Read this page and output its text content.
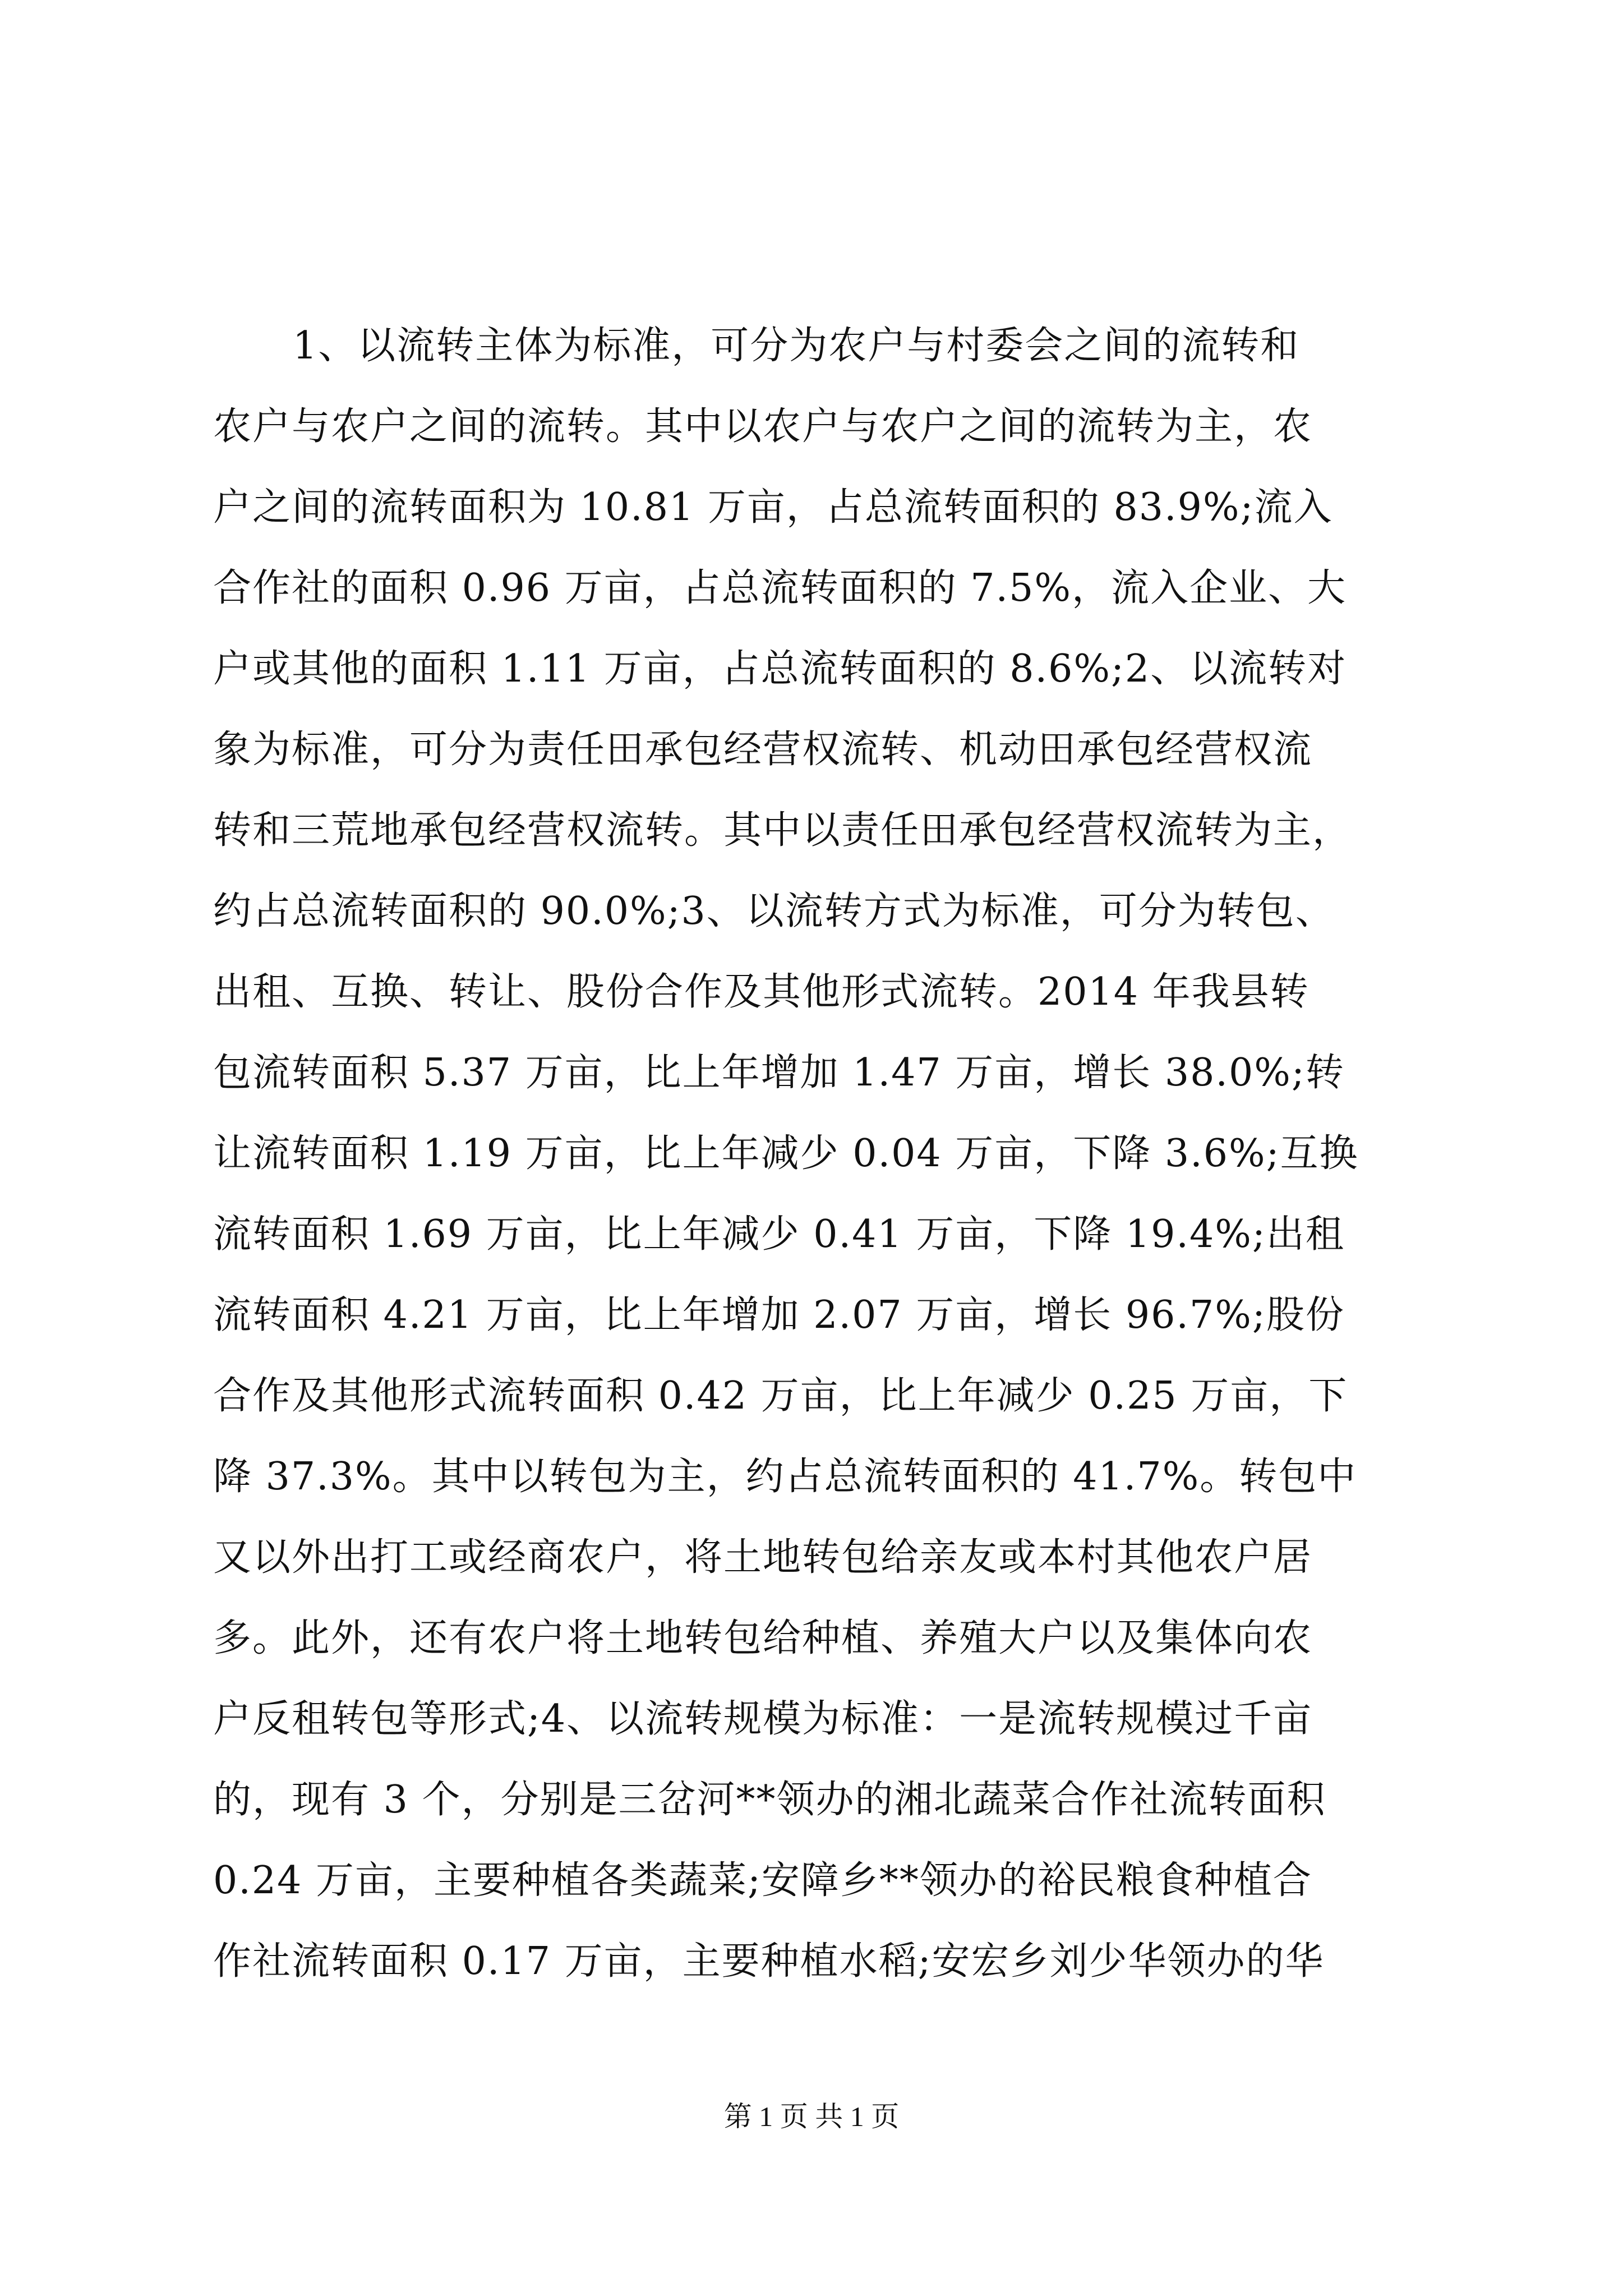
1、以流转主体为标准，可分为农户与村委会之间的流转和
农户与农户之间的流转。其中以农户与农户之间的流转为主，农
户之间的流转面积为 10.81 万亩，占总流转面积的 83.9%;流入
合作社的面积 0.96 万亩，占总流转面积的 7.5%，流入企业、大
户或其他的面积 1.11 万亩，占总流转面积的 8.6%;2、以流转对
象为标准，可分为责任田承包经营权流转、机动田承包经营权流
转和三荒地承包经营权流转。其中以责任田承包经营权流转为主，
约占总流转面积的 90.0%;3、以流转方式为标准，可分为转包、
出租、互换、转让、股份合作及其他形式流转。2014 年我县转
包流转面积 5.37 万亩，比上年增加 1.47 万亩，增长 38.0%;转
让流转面积 1.19 万亩，比上年减少 0.04 万亩，下降 3.6%;互换
流转面积 1.69 万亩，比上年减少 0.41 万亩，下降 19.4%;出租
流转面积 4.21 万亩，比上年增加 2.07 万亩，增长 96.7%;股份
合作及其他形式流转面积 0.42 万亩，比上年减少 0.25 万亩，下
降 37.3%。其中以转包为主，约占总流转面积的 41.7%。转包中
又以外出打工或经商农户，将土地转包给亲友或本村其他农户居
多。此外，还有农户将土地转包给种植、养殖大户以及集体向农
户反租转包等形式;4、以流转规模为标准：一是流转规模过千亩
的，现有 3 个，分别是三岔河**领办的湘北蔬菜合作社流转面积
0.24 万亩，主要种植各类蔬菜;安障乡**领办的裕民粮食种植合
作社流转面积 0.17 万亩，主要种植水稻;安宏乡刘少华领办的华
第 1 页 共 1 页
